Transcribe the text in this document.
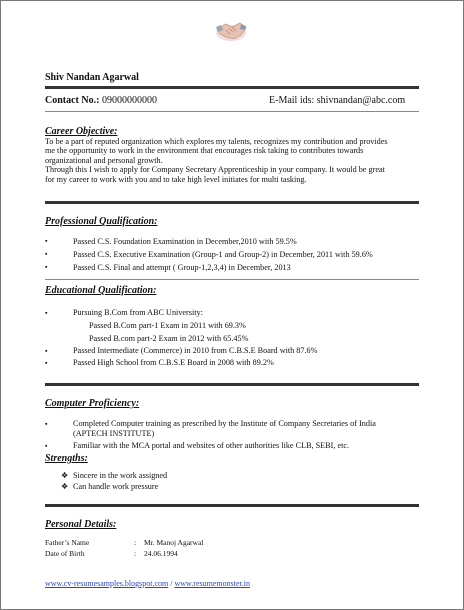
Shiv Nandan Agarwal
Contact No.: 09000000000	E-Mail ids: shivnandan@abc.com
Career Objective:
To be a part of reputed organization which explores my talents, recognizes my contribution and provides
me the opportunity to work in the environment that encourages risk taking to contributes towards
organizational and personal growth.
Through this I wish to apply for Company Secretary Apprenticeship in your company. It would be great
for my career to work with you and to take high level initiates for multi tasking.
Professional Qualification:
▪	Passed C.S. Foundation Examination in December,2010 with 59.5%
▪	Passed C.S. Executive Examination (Group-1 and Group-2) in December, 2011 with 59.6%
▪	Passed C.S. Final and attempt ( Group-1,2,3,4) in December, 2013
Educational Qualification:
▪	Pursuing B.Com from ABC University:
Passed B.Com part-1 Exam in 2011 with 69.3%
Passed B.com part-2 Exam in 2012 with 65.45%
▪	Passed Intermediate (Commerce) in 2010 from C.B.S.E Board with 87.6%
▪	Passed High School from C.B.S.E Board in 2008 with 89.2%
Computer Proficiency:
▪	Completed Computer training as prescribed by the Institute of Company Secretaries of India
(APTECH INSTITUTE)
▪	Familiar with the MCA portal and websites of other authorities like CLB, SEBI, etc.
Strengths:
❖ Sincere in the work assigned
❖ Can handle work pressure
Personal Details:
Father’s Name	: Mr. Manoj Agarwal
Date of Birth	: 24.06.1994
www.cv-resumesamples.blogspot.com / www.resumemonster.in
